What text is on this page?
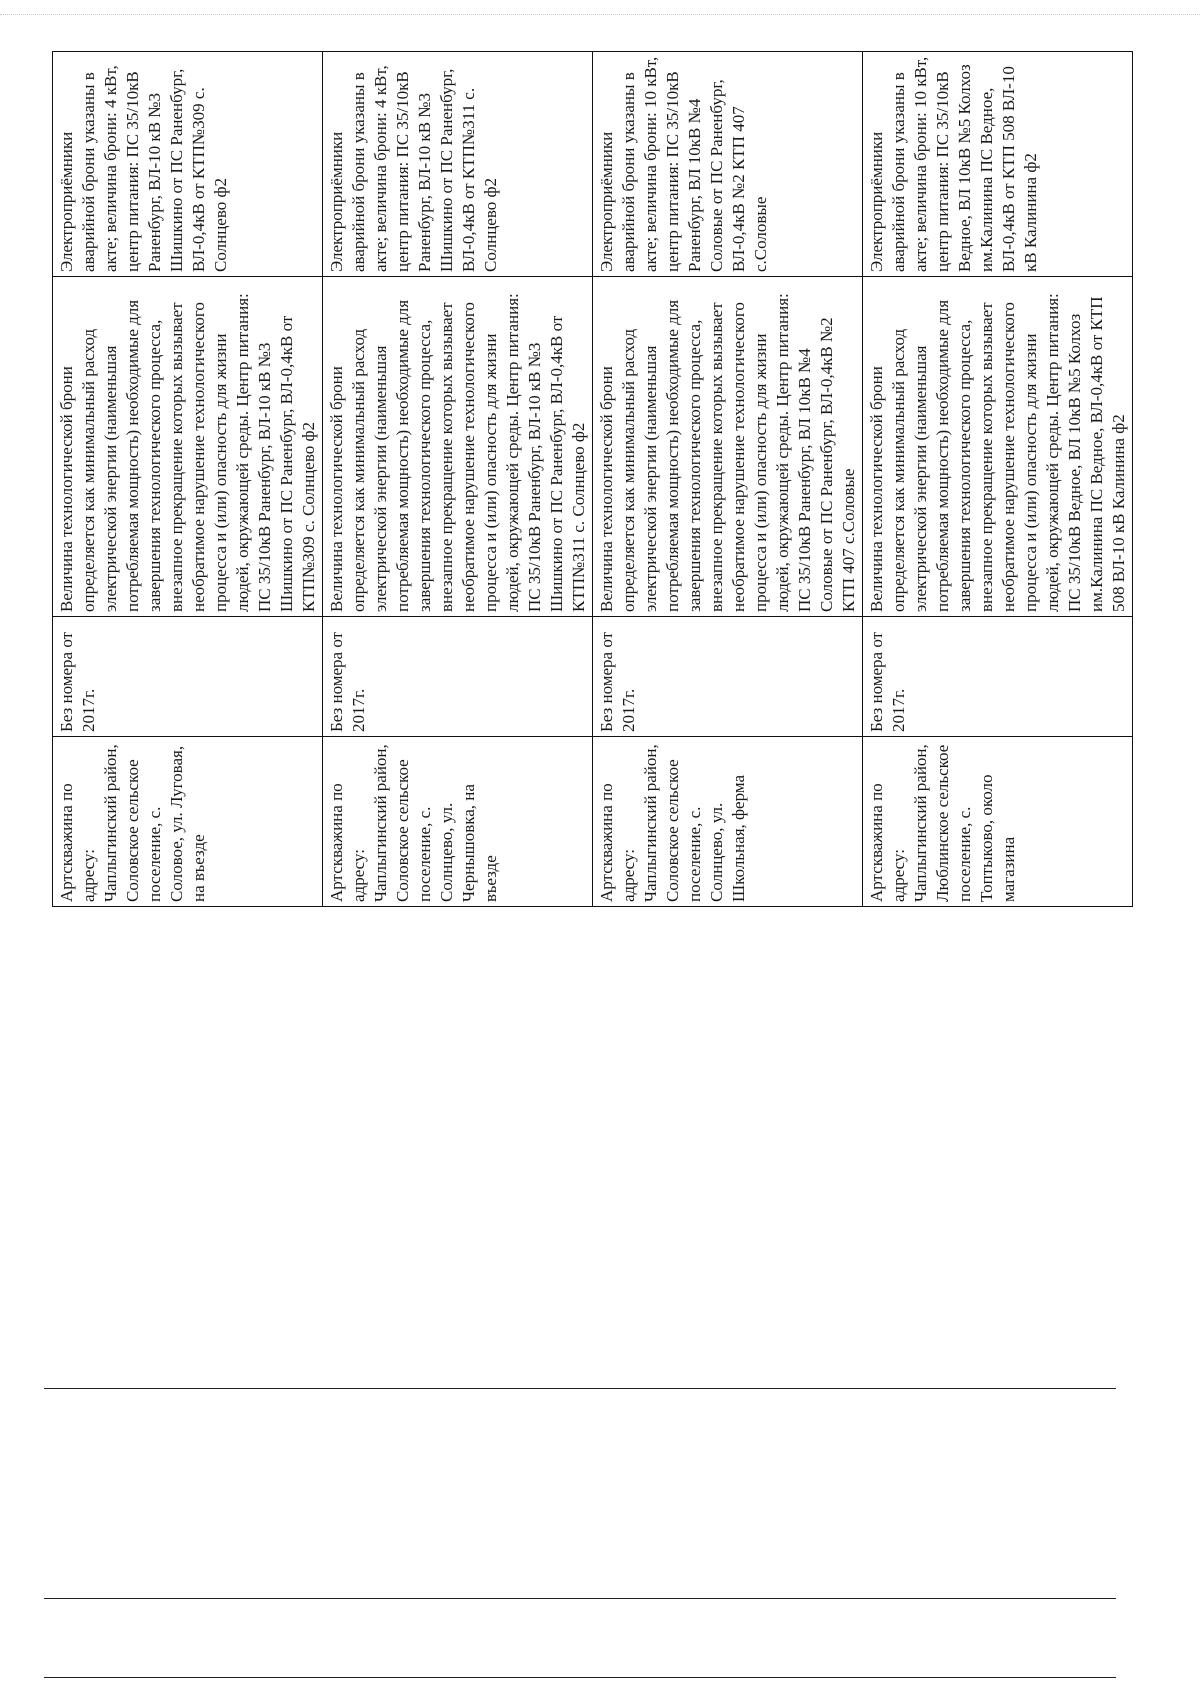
Артскважина по адресу: Чаплыгинский район, Соловское сельское поселение, с. Соловое, ул. Луговая, на въезде	Без номера от 2017г.	Величина технологической брони определяется как минимальный расход электрической энергии (наименьшая потребляемая мощность) необходимые для завершения технологического процесса, внезапное прекращение которых вызывает необратимое нарушение технологического процесса и (или) опасность для жизни людей, окружающей среды. Центр питания: ПС 35/10кВ Раненбург, ВЛ-10 кВ №3 Шишкино от ПС Раненбург, ВЛ-0,4кВ от КТП№309 с. Солнцево ф2	Электроприёмники аварийной брони указаны в акте; величина брони: 4 кВт, центр питания: ПС 35/10кВ Раненбург, ВЛ-10 кВ №3 Шишкино от ПС Раненбург, ВЛ-0,4кВ от КТП№309 с. Солнцево ф2

Артскважина по адресу: Чаплыгинский район, Соловское сельское поселение, с. Солнцево, ул. Чернышовка, на въезде	Без номера от 2017г.	Величина технологической брони определяется как минимальный расход электрической энергии (наименьшая потребляемая мощность) необходимые для завершения технологического процесса, внезапное прекращение которых вызывает необратимое нарушение технологического процесса и (или) опасность для жизни людей, окружающей среды. Центр питания: ПС 35/10кВ Раненбург, ВЛ-10 кВ №3 Шишкино от ПС Раненбург, ВЛ-0,4кВ от КТП№311 с. Солнцево ф2	Электроприёмники аварийной брони указаны в акте; величина брони: 4 кВт, центр питания: ПС 35/10кВ Раненбург, ВЛ-10 кВ №3 Шишкино от ПС Раненбург, ВЛ-0,4кВ от КТП№311 с. Солнцево ф2

Артскважина по адресу: Чаплыгинский район, Соловское сельское поселение, с. Солнцево, ул. Школьная, ферма	Без номера от 2017г.	Величина технологической брони определяется как минимальный расход электрической энергии (наименьшая потребляемая мощность) необходимые для завершения технологического процесса, внезапное прекращение которых вызывает необратимое нарушение технологического процесса и (или) опасность для жизни людей, окружающей среды. Центр питания: ПС 35/10кВ Раненбург, ВЛ 10кВ №4 Соловые от ПС Раненбург, ВЛ-0,4кВ №2 КТП 407 с.Соловые	Электроприёмники аварийной брони указаны в акте; величина брони: 10 кВт, центр питания: ПС 35/10кВ Раненбург, ВЛ 10кВ №4 Соловые от ПС Раненбург, ВЛ-0,4кВ №2 КТП 407 с.Соловые

Артскважина по адресу: Чаплыгинский район, Люблинское сельское поселение, с. Топтыково, около магазина	Без номера от 2017г.	Величина технологической брони определяется как минимальный расход электрической энергии (наименьшая потребляемая мощность) необходимые для завершения технологического процесса, внезапное прекращение которых вызывает необратимое нарушение технологического процесса и (или) опасность для жизни людей, окружающей среды. Центр питания: ПС 35/10кВ Ведное, ВЛ 10кВ №5 Колхоз им.Калинина ПС Ведное, ВЛ-0,4кВ от КТП 508 ВЛ-10 кВ Калинина ф2	Электроприёмники аварийной брони указаны в акте; величина брони: 10 кВт, центр питания: ПС 35/10кВ Ведное, ВЛ 10кВ №5 Колхоз им.Калинина ПС Ведное, ВЛ-0,4кВ от КТП 508 ВЛ-10 кВ Калинина ф2
